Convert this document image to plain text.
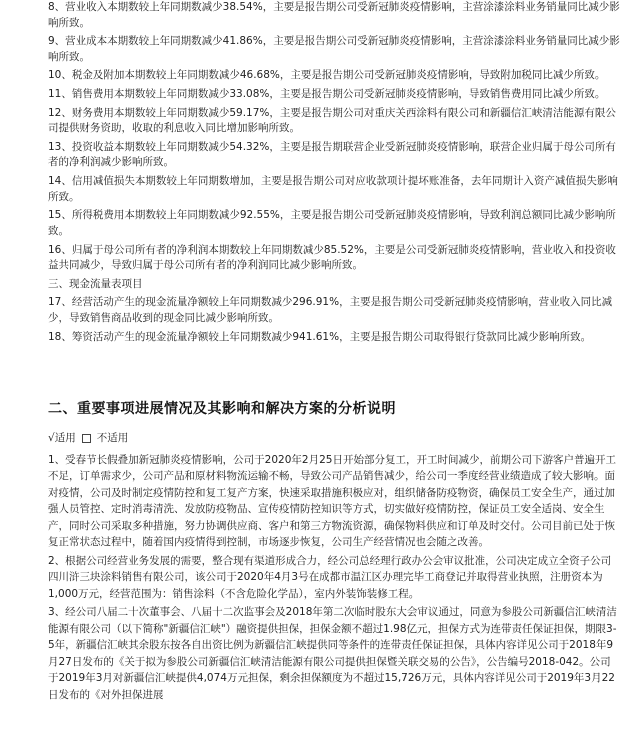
8、营业收入本期数较上年同期数减少38.54%，主要是报告期公司受新冠肺炎疫情影响，主营涂漆涂料业务销量同比减少影响所致。

9、营业成本本期数较上年同期数减少41.86%，主要是报告期公司受新冠肺炎疫情影响，主营涂漆涂料业务销量同比减少影响所致。

10、税金及附加本期数较上年同期数减少46.68%，主要是报告期公司受新冠肺炎疫情影响，导致附加税同比减少所致。

11、销售费用本期数较上年同期数减少33.08%，主要是报告期公司受新冠肺炎疫情影响，导致销售费用同比减少所致。

12、财务费用本期数较上年同期数减少59.17%，主要是报告期公司对重庆关西涂料有限公司和新疆信汇峡清洁能源有限公司提供财务资助，收取的利息收入同比增加影响所致。

13、投资收益本期数较上年同期数减少54.32%，主要是报告期联营企业受新冠肺炎疫情影响，联营企业归属于母公司所有者的净利润减少影响所致。

14、信用减值损失本期数较上年同期数增加，主要是报告期公司对应收款项计提坏账准备，去年同期计入资产减值损失影响所致。

15、所得税费用本期数较上年同期数减少92.55%，主要是报告期公司受新冠肺炎疫情影响，导致利润总额同比减少影响所致。

16、归属于母公司所有者的净利润本期数较上年同期数减少85.52%，主要是公司受新冠肺炎疫情影响，营业收入和投资收益共同减少，导致归属于母公司所有者的净利润同比减少影响所致。

三、现金流量表项目

17、经营活动产生的现金流量净额较上年同期数减少296.91%，主要是报告期公司受新冠肺炎疫情影响，营业收入同比减少，导致销售商品收到的现金同比减少影响所致。

18、筹资活动产生的现金流量净额较上年同期数减少941.61%，主要是报告期公司取得银行贷款同比减少影响所致。

二、重要事项进展情况及其影响和解决方案的分析说明
√适用 不适用

1、受春节长假叠加新冠肺炎疫情影响，公司于2020年2月25日开始部分复工，开工时间减少，前期公司下游客户普遍开工不足，订单需求少，公司产品和原材料物流运输不畅，导致公司产品销售减少，给公司一季度经营业绩造成了较大影响。面对疫情，公司及时制定疫情防控和复工复产方案，快速采取措施积极应对，组织储备防疫物资，确保员工安全生产，通过加强人员管控、定时消毒清洗、发放防疫物品、宣传疫情防控知识等方式，切实做好疫情防控，保证员工安全适岗、安全生产，同时公司采取多种措施，努力协调供应商、客户和第三方物流资源，确保物料供应和订单及时交付。公司目前已处于恢复正常状态过程中，随着国内疫情得到控制，市场逐步恢复，公司生产经营情况也会随之改善。

2、根据公司经营业务发展的需要，整合现有渠道形成合力，经公司总经理行政办公会审议批准，公司决定成立全资子公司四川浒三块涂料销售有限公司，该公司于2020年4月3号在成都市温江区办理完毕工商登记并取得营业执照，注册资本为1,000万元，经营范围为：销售涂料（不含危险化学品），室内外装饰装修工程。

3、经公司八届二十次董事会、八届十二次监事会及2018年第二次临时股东大会审议通过，同意为参股公司新疆信汇峡清洁能源有限公司（以下简称"新疆信汇峡"）融资提供担保，担保金额不超过1.98亿元，担保方式为连带责任保证担保，期限3-5年，新疆信汇峡其余股东按各自出资比例为新疆信汇峡提供同等条件的连带责任保证担保，具体内容详见公司于2018年9月27日发布的《关于拟为参股公司新疆信汇峡清洁能源有限公司提供担保暨关联交易的公告》，公告编号2018-042。公司于2019年3月对新疆信汇峡提供4,074万元担保，剩余担保额度为不超过15,726万元，具体内容详见公司于2019年3月22日发布的《对外担保进展
